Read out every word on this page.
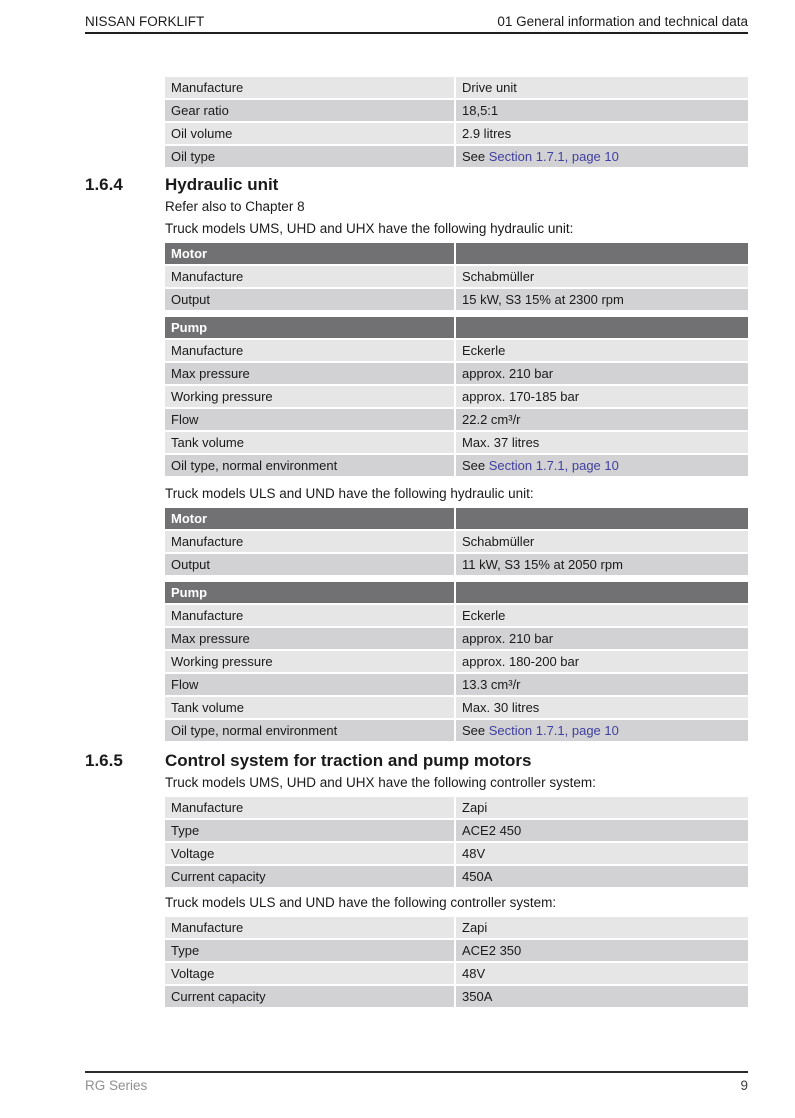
NISSAN FORKLIFT	01 General information and technical data
Manufacture	Drive unit
Gear ratio	18,5:1
Oil volume	2.9 litres
Oil type	See Section 1.7.1, page 10
1.6.4 Hydraulic unit

Refer also to Chapter 8

Truck models UMS, UHD and UHX have the following hydraulic unit:

Motor
Manufacture	Schabmüller
Output	15 kW, S3 15% at 2300 rpm
Pump
Manufacture	Eckerle
Max pressure	approx. 210 bar
Working pressure	approx. 170-185 bar
Flow	22.2 cm³/r
Tank volume	Max. 37 litres
Oil type, normal environment	See Section 1.7.1, page 10

Truck models ULS and UND have the following hydraulic unit:

Motor
Manufacture	Schabmüller
Output	11 kW, S3 15% at 2050 rpm
Pump
Manufacture	Eckerle
Max pressure	approx. 210 bar
Working pressure	approx. 180-200 bar
Flow	13.3 cm³/r
Tank volume	Max. 30 litres
Oil type, normal environment	See Section 1.7.1, page 10
1.6.5 Control system for traction and pump motors

Truck models UMS, UHD and UHX have the following controller system:

Manufacture	Zapi
Type	ACE2 450
Voltage	48V
Current capacity	450A

Truck models ULS and UND have the following controller system:

Manufacture	Zapi
Type	ACE2 350
Voltage	48V
Current capacity	350A
RG Series	9
